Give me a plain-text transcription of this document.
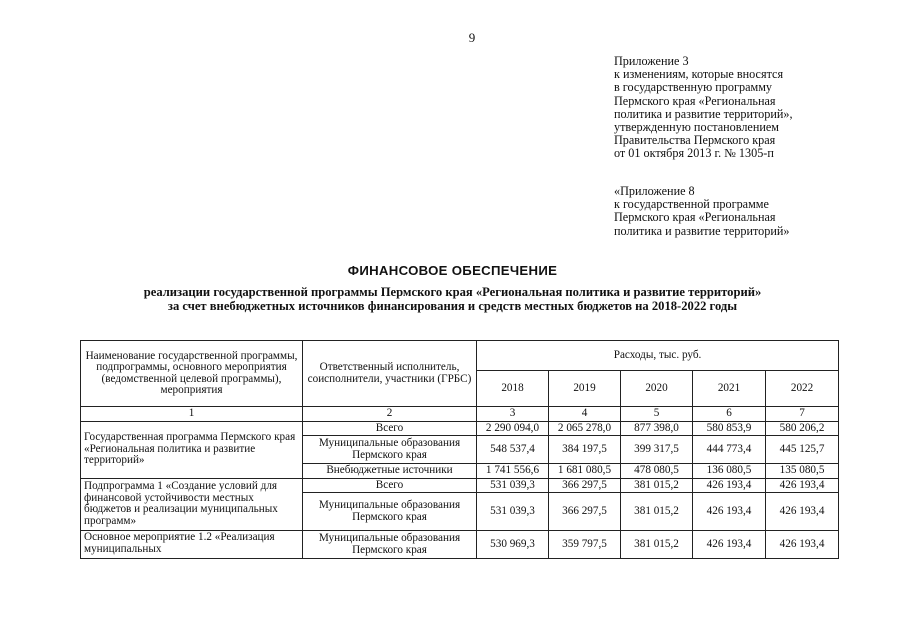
9
Приложение 3
к изменениям, которые вносятся
в государственную программу
Пермского края «Региональная
политика и развитие территорий»,
утвержденную постановлением
Правительства Пермского края
от 01 октября 2013 г. № 1305-п
«Приложение 8
к государственной программе
Пермского края «Региональная
политика и развитие территорий»
ФИНАНСОВОЕ ОБЕСПЕЧЕНИЕ
реализации государственной программы Пермского края «Региональная политика и развитие территорий»
за счет внебюджетных источников финансирования и средств местных бюджетов на 2018-2022 годы
Наименование государственной программы, подпрограммы, основного мероприятия (ведомственной целевой программы), мероприятия	Ответственный исполнитель, соисполнители, участники (ГРБС)	Расходы, тыс. руб.				
		2018	2019	2020	2021	2022
1	2	3	4	5	6	7
Государственная программа Пермского края «Региональная политика и развитие территорий»	Всего	2 290 094,0	2 065 278,0	877 398,0	580 853,9	580 206,2
	Муниципальные образования Пермского края	548 537,4	384 197,5	399 317,5	444 773,4	445 125,7
	Внебюджетные источники	1 741 556,6	1 681 080,5	478 080,5	136 080,5	135 080,5
Подпрограмма 1 «Создание условий для финансовой устойчивости местных бюджетов и реализации муниципальных программ»	Всего	531 039,3	366 297,5	381 015,2	426 193,4	426 193,4
	Муниципальные образования Пермского края	531 039,3	366 297,5	381 015,2	426 193,4	426 193,4
Основное мероприятие 1.2 «Реализация муниципальных	Муниципальные образования Пермского края	530 969,3	359 797,5	381 015,2	426 193,4	426 193,4
